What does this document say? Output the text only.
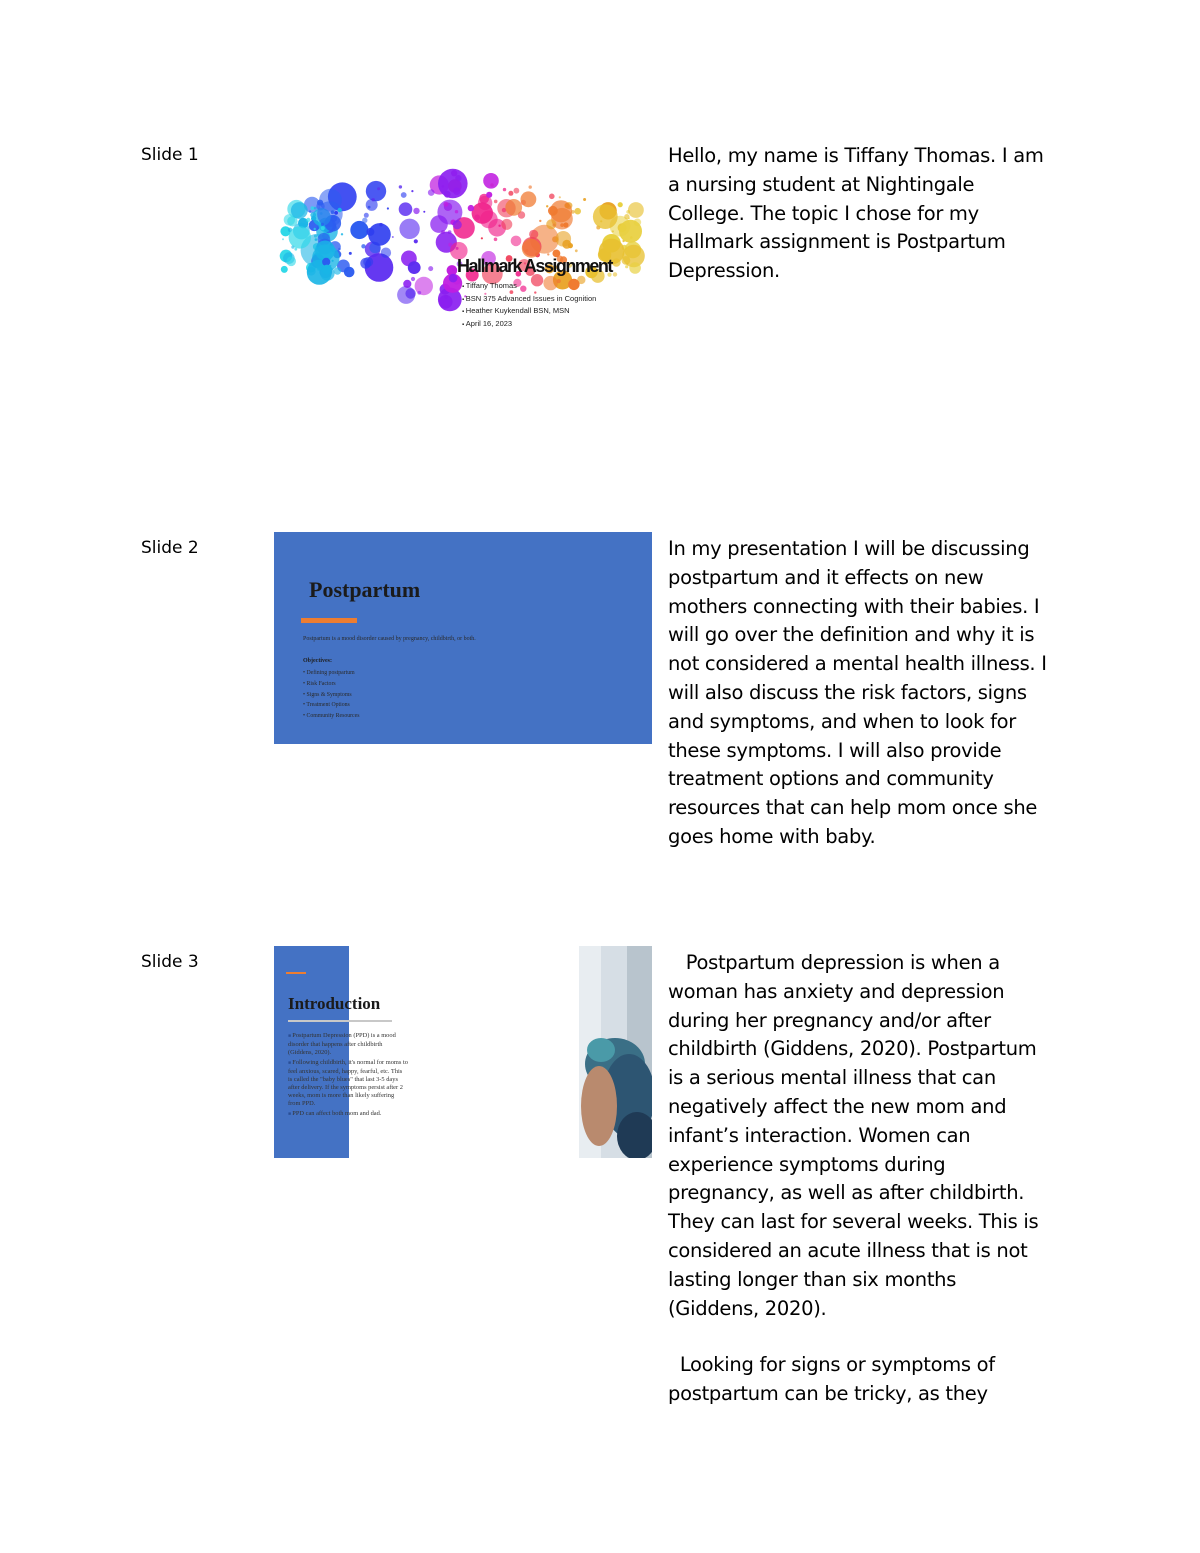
Slide 1
Hallmark Assignment
▪ Tiffany Thomas
▪ BSN 375 Advanced Issues in Cognition
▪ Heather Kuykendall BSN, MSN
▪ April 16, 2023
Hello, my name is Tiffany Thomas. I am a nursing student at Nightingale College. The topic I chose for my Hallmark assignment is Postpartum Depression.
Slide 2
Postpartum
Postpartum is a mood disorder caused by pregnancy, childbirth, or both.
Objectives:
• Defining postpartum
• Risk Factors
• Signs & Symptoms
• Treatment Options
• Community Resources
In my presentation I will be discussing postpartum and it effects on new mothers connecting with their babies. I will go over the definition and why it is not considered a mental health illness. I will also discuss the risk factors, signs and symptoms, and when to look for these symptoms. I will also provide treatment options and community resources that can help mom once she goes home with baby.
Slide 3
Introduction

■ Postpartum Depression (PPD) is a mood disorder that happens after childbirth (Giddens, 2020).

■ Following childbirth, it's normal for moms to feel anxious, scared, happy, fearful, etc. This is called the "baby blues" that last 3-5 days after delivery. If the symptoms persist after 2 weeks, mom is more than likely suffering from PPD.

■ PPD can affect both mom and dad.

Postpartum depression is when a woman has anxiety and depression during her pregnancy and/or after childbirth (Giddens, 2020). Postpartum is a serious mental illness that can negatively affect the new mom and infant’s interaction. Women can experience symptoms during pregnancy, as well as after childbirth. They can last for several weeks. This is considered an acute illness that is not lasting longer than six months (Giddens, 2020).
Looking for signs or symptoms of postpartum can be tricky, as they
